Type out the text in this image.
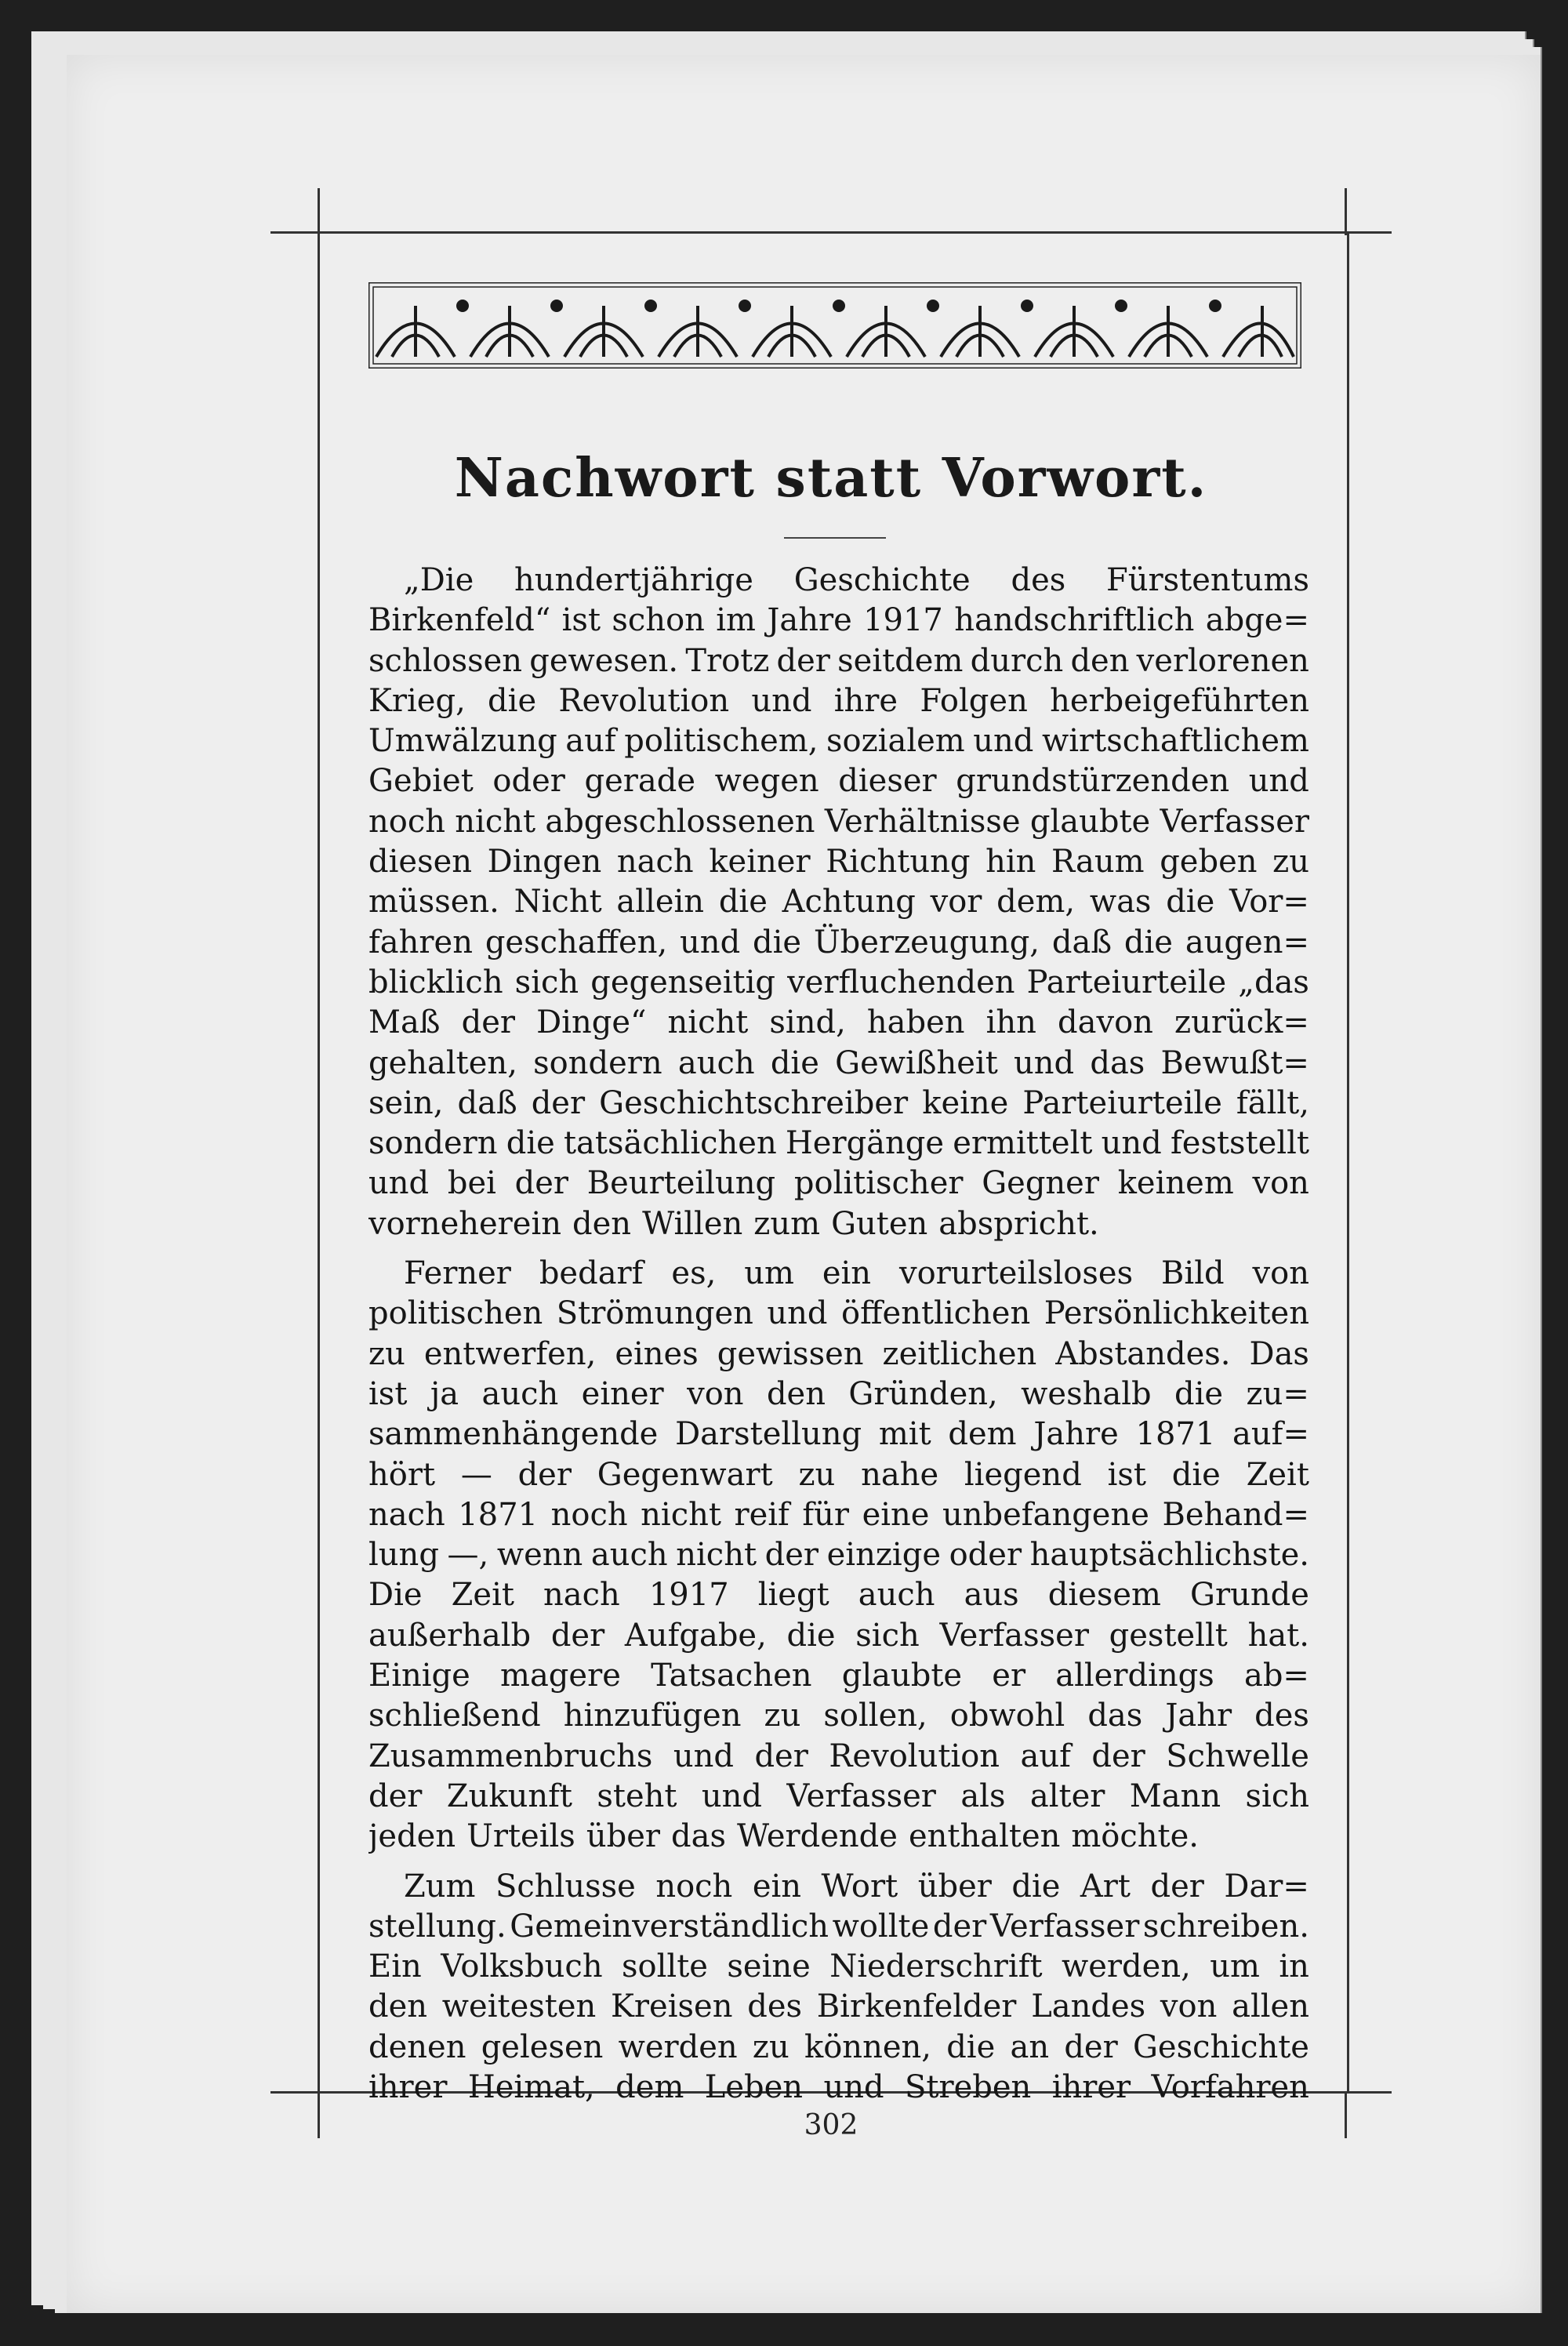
Nachwort statt Vorwort.
„Die hundertjährige Geschichte des Fürstentums
Birkenfeld“ ist schon im Jahre 1917 handschriftlich abge=
schlossen gewesen. Trotz der seitdem durch den verlorenen
Krieg, die Revolution und ihre Folgen herbeigeführten
Umwälzung auf politischem, sozialem und wirtschaftlichem
Gebiet oder gerade wegen dieser grundstürzenden und
noch nicht abgeschlossenen Verhältnisse glaubte Verfasser
diesen Dingen nach keiner Richtung hin Raum geben zu
müssen. Nicht allein die Achtung vor dem, was die Vor=
fahren geschaffen, und die Überzeugung, daß die augen=
blicklich sich gegenseitig verfluchenden Parteiurteile „das
Maß der Dinge“ nicht sind, haben ihn davon zurück=
gehalten, sondern auch die Gewißheit und das Bewußt=
sein, daß der Geschichtschreiber keine Parteiurteile fällt,
sondern die tatsächlichen Hergänge ermittelt und feststellt
und bei der Beurteilung politischer Gegner keinem von
vorneherein den Willen zum Guten abspricht.
Ferner bedarf es, um ein vorurteilsloses Bild von
politischen Strömungen und öffentlichen Persönlichkeiten
zu entwerfen, eines gewissen zeitlichen Abstandes. Das
ist ja auch einer von den Gründen, weshalb die zu=
sammenhängende Darstellung mit dem Jahre 1871 auf=
hört — der Gegenwart zu nahe liegend ist die Zeit
nach 1871 noch nicht reif für eine unbefangene Behand=
lung —, wenn auch nicht der einzige oder hauptsächlichste.
Die Zeit nach 1917 liegt auch aus diesem Grunde
außerhalb der Aufgabe, die sich Verfasser gestellt hat.
Einige magere Tatsachen glaubte er allerdings ab=
schließend hinzufügen zu sollen, obwohl das Jahr des
Zusammenbruchs und der Revolution auf der Schwelle
der Zukunft steht und Verfasser als alter Mann sich
jeden Urteils über das Werdende enthalten möchte.
Zum Schlusse noch ein Wort über die Art der Dar=
stellung. Gemeinverständlich wollte der Verfasser schreiben.
Ein Volksbuch sollte seine Niederschrift werden, um in
den weitesten Kreisen des Birkenfelder Landes von allen
denen gelesen werden zu können, die an der Geschichte
ihrer Heimat, dem Leben und Streben ihrer Vorfahren
302
